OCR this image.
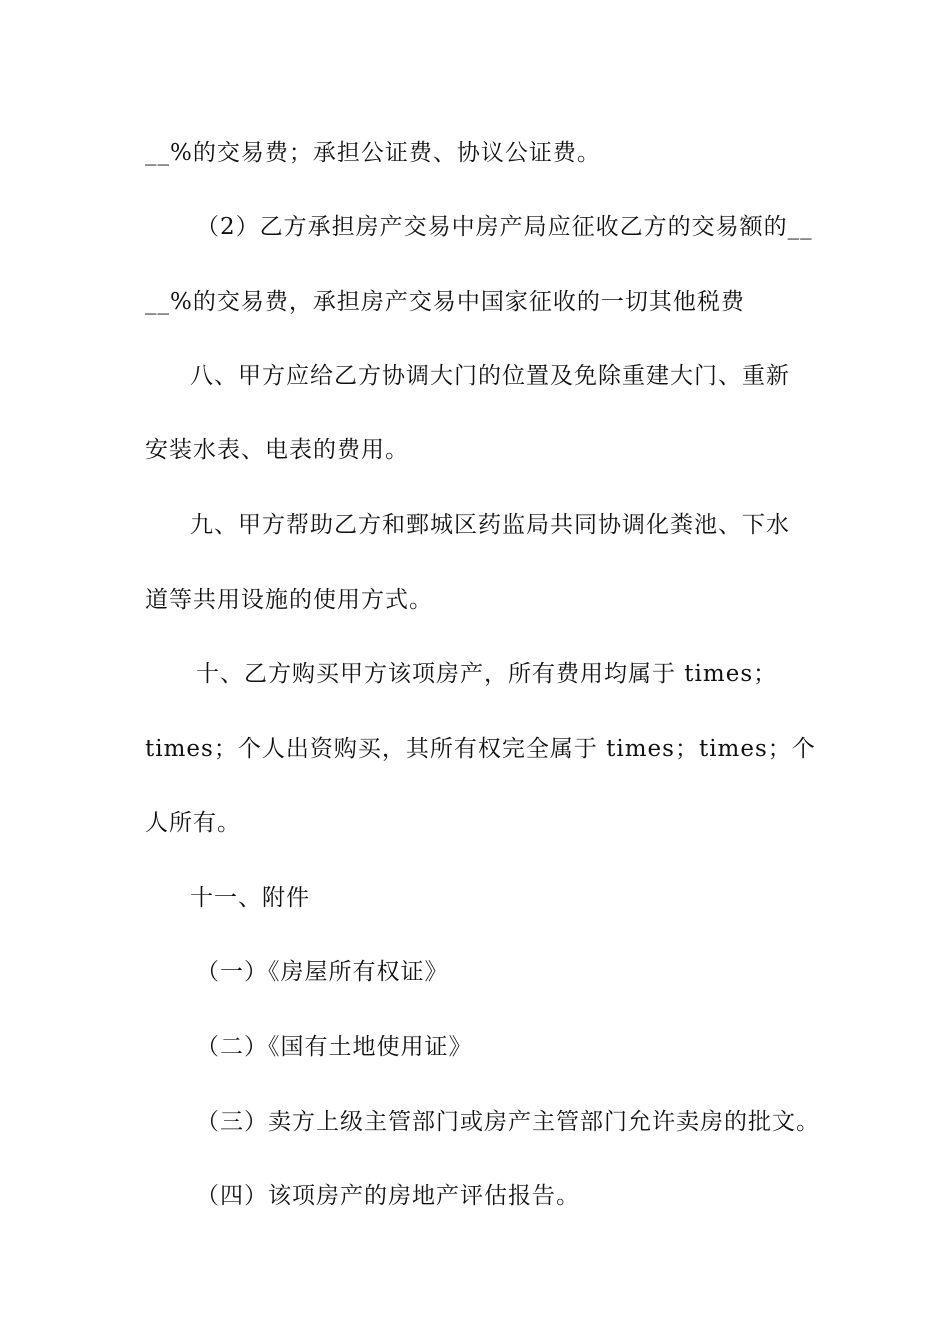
__%的交易费；承担公证费、协议公证费。
（2）乙方承担房产交易中房产局应征收乙方的交易额的__
__%的交易费，承担房产交易中国家征收的一切其他税费
八、甲方应给乙方协调大门的位置及免除重建大门、重新
安装水表、电表的费用。
九、甲方帮助乙方和鄄城区药监局共同协调化粪池、下水
道等共用设施的使用方式。
十、乙方购买甲方该项房产，所有费用均属于 times；
times；个人出资购买，其所有权完全属于 times；times；个
人所有。
十一、附件
（一）《房屋所有权证》
（二）《国有土地使用证》
（三）卖方上级主管部门或房产主管部门允许卖房的批文。
（四）该项房产的房地产评估报告。
